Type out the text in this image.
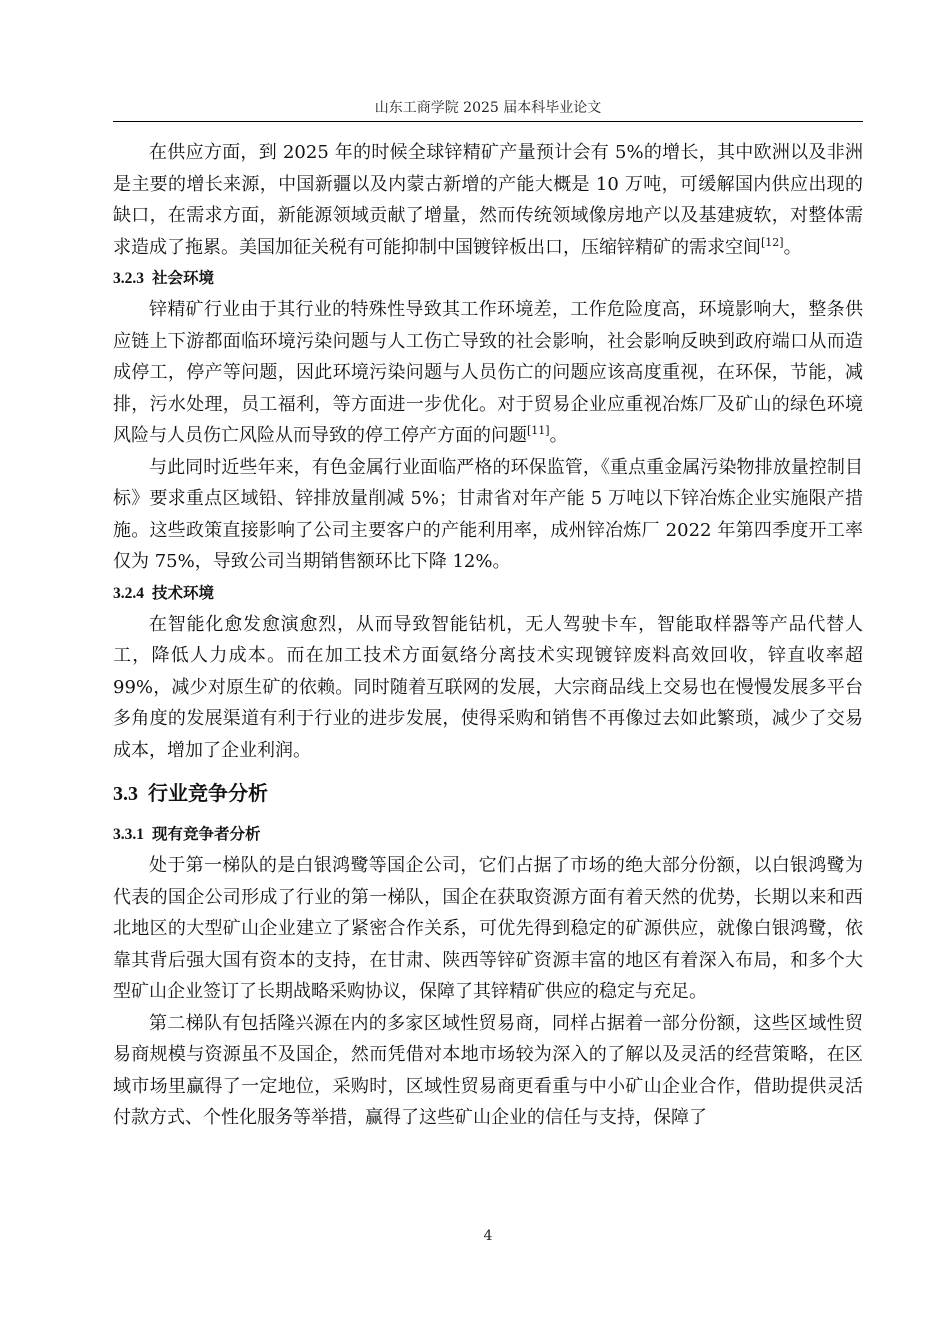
山东工商学院 2025 届本科毕业论文

在供应方面，到 2025 年的时候全球锌精矿产量预计会有 5%的增长，其中欧洲以及非洲是主要的增长来源，中国新疆以及内蒙古新增的产能大概是 10 万吨，可缓解国内供应出现的缺口，在需求方面，新能源领域贡献了增量，然而传统领域像房地产以及基建疲软，对整体需求造成了拖累。美国加征关税有可能抑制中国镀锌板出口，压缩锌精矿的需求空间[12]。

3.2.3 社会环境

锌精矿行业由于其行业的特殊性导致其工作环境差，工作危险度高，环境影响大，整条供应链上下游都面临环境污染问题与人工伤亡导致的社会影响，社会影响反映到政府端口从而造成停工，停产等问题，因此环境污染问题与人员伤亡的问题应该高度重视，在环保，节能，减排，污水处理，员工福利，等方面进一步优化。对于贸易企业应重视冶炼厂及矿山的绿色环境风险与人员伤亡风险从而导致的停工停产方面的问题[11]。

与此同时近些年来，有色金属行业面临严格的环保监管，《重点重金属污染物排放量控制目标》要求重点区域铅、锌排放量削减 5%；甘肃省对年产能 5 万吨以下锌冶炼企业实施限产措施。这些政策直接影响了公司主要客户的产能利用率，成州锌冶炼厂 2022 年第四季度开工率仅为 75%，导致公司当期销售额环比下降 12%。

3.2.4 技术环境

在智能化愈发愈演愈烈，从而导致智能钻机，无人驾驶卡车，智能取样器等产品代替人工，降低人力成本。而在加工技术方面氨络分离技术实现镀锌废料高效回收，锌直收率超 99%，减少对原生矿的依赖。同时随着互联网的发展，大宗商品线上交易也在慢慢发展多平台多角度的发展渠道有利于行业的进步发展，使得采购和销售不再像过去如此繁琐，减少了交易成本，增加了企业利润。

3.3 行业竞争分析
3.3.1 现有竞争者分析

处于第一梯队的是白银鸿鹭等国企公司，它们占据了市场的绝大部分份额，以白银鸿鹭为代表的国企公司形成了行业的第一梯队，国企在获取资源方面有着天然的优势，长期以来和西北地区的大型矿山企业建立了紧密合作关系，可优先得到稳定的矿源供应，就像白银鸿鹭，依靠其背后强大国有资本的支持，在甘肃、陕西等锌矿资源丰富的地区有着深入布局，和多个大型矿山企业签订了长期战略采购协议，保障了其锌精矿供应的稳定与充足。

第二梯队有包括隆兴源在内的多家区域性贸易商，同样占据着一部分份额，这些区域性贸易商规模与资源虽不及国企，然而凭借对本地市场较为深入的了解以及灵活的经营策略，在区域市场里赢得了一定地位，采购时，区域性贸易商更看重与中小矿山企业合作，借助提供灵活付款方式、个性化服务等举措，赢得了这些矿山企业的信任与支持，保障了

4
